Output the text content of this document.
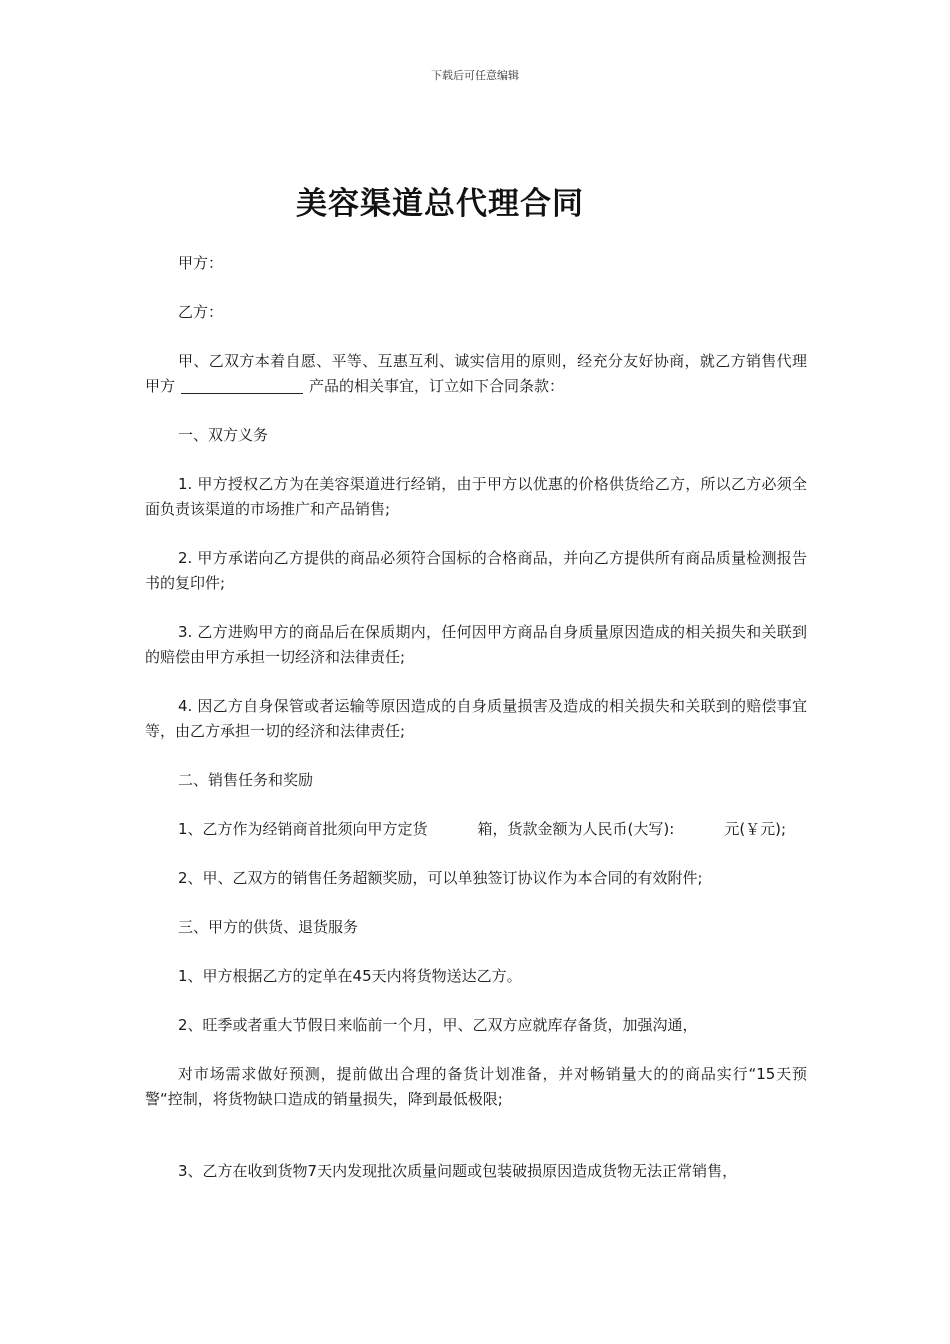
下载后可任意编辑
美容渠道总代理合同

甲方：

乙方：

甲、乙双方本着自愿、平等、互惠互利、诚实信用的原则，经充分友好协商，就乙方销售代理甲方	产品的相关事宜，订立如下合同条款：

一、双方义务

1. 甲方授权乙方为在美容渠道进行经销，由于甲方以优惠的价格供货给乙方，所以乙方必须全面负责该渠道的市场推广和产品销售;

2. 甲方承诺向乙方提供的商品必须符合国标的合格商品，并向乙方提供所有商品质量检测报告书的复印件;

3. 乙方进购甲方的商品后在保质期内，任何因甲方商品自身质量原因造成的相关损失和关联到的赔偿由甲方承担一切经济和法律责任;

4. 因乙方自身保管或者运输等原因造成的自身质量损害及造成的相关损失和关联到的赔偿事宜等，由乙方承担一切的经济和法律责任;

二、销售任务和奖励

1、乙方作为经销商首批须向甲方定货	箱，货款金额为人民币(大写):	元(￥元);

2、甲、乙双方的销售任务超额奖励，可以单独签订协议作为本合同的有效附件;

三、甲方的供货、退货服务

1、甲方根据乙方的定单在45天内将货物送达乙方。

2、旺季或者重大节假日来临前一个月，甲、乙双方应就库存备货，加强沟通，

对市场需求做好预测，提前做出合理的备货计划准备，并对畅销量大的的商品实行“15天预警“控制，将货物缺口造成的销量损失，降到最低极限;

3、乙方在收到货物7天内发现批次质量问题或包装破损原因造成货物无法正常销售，
